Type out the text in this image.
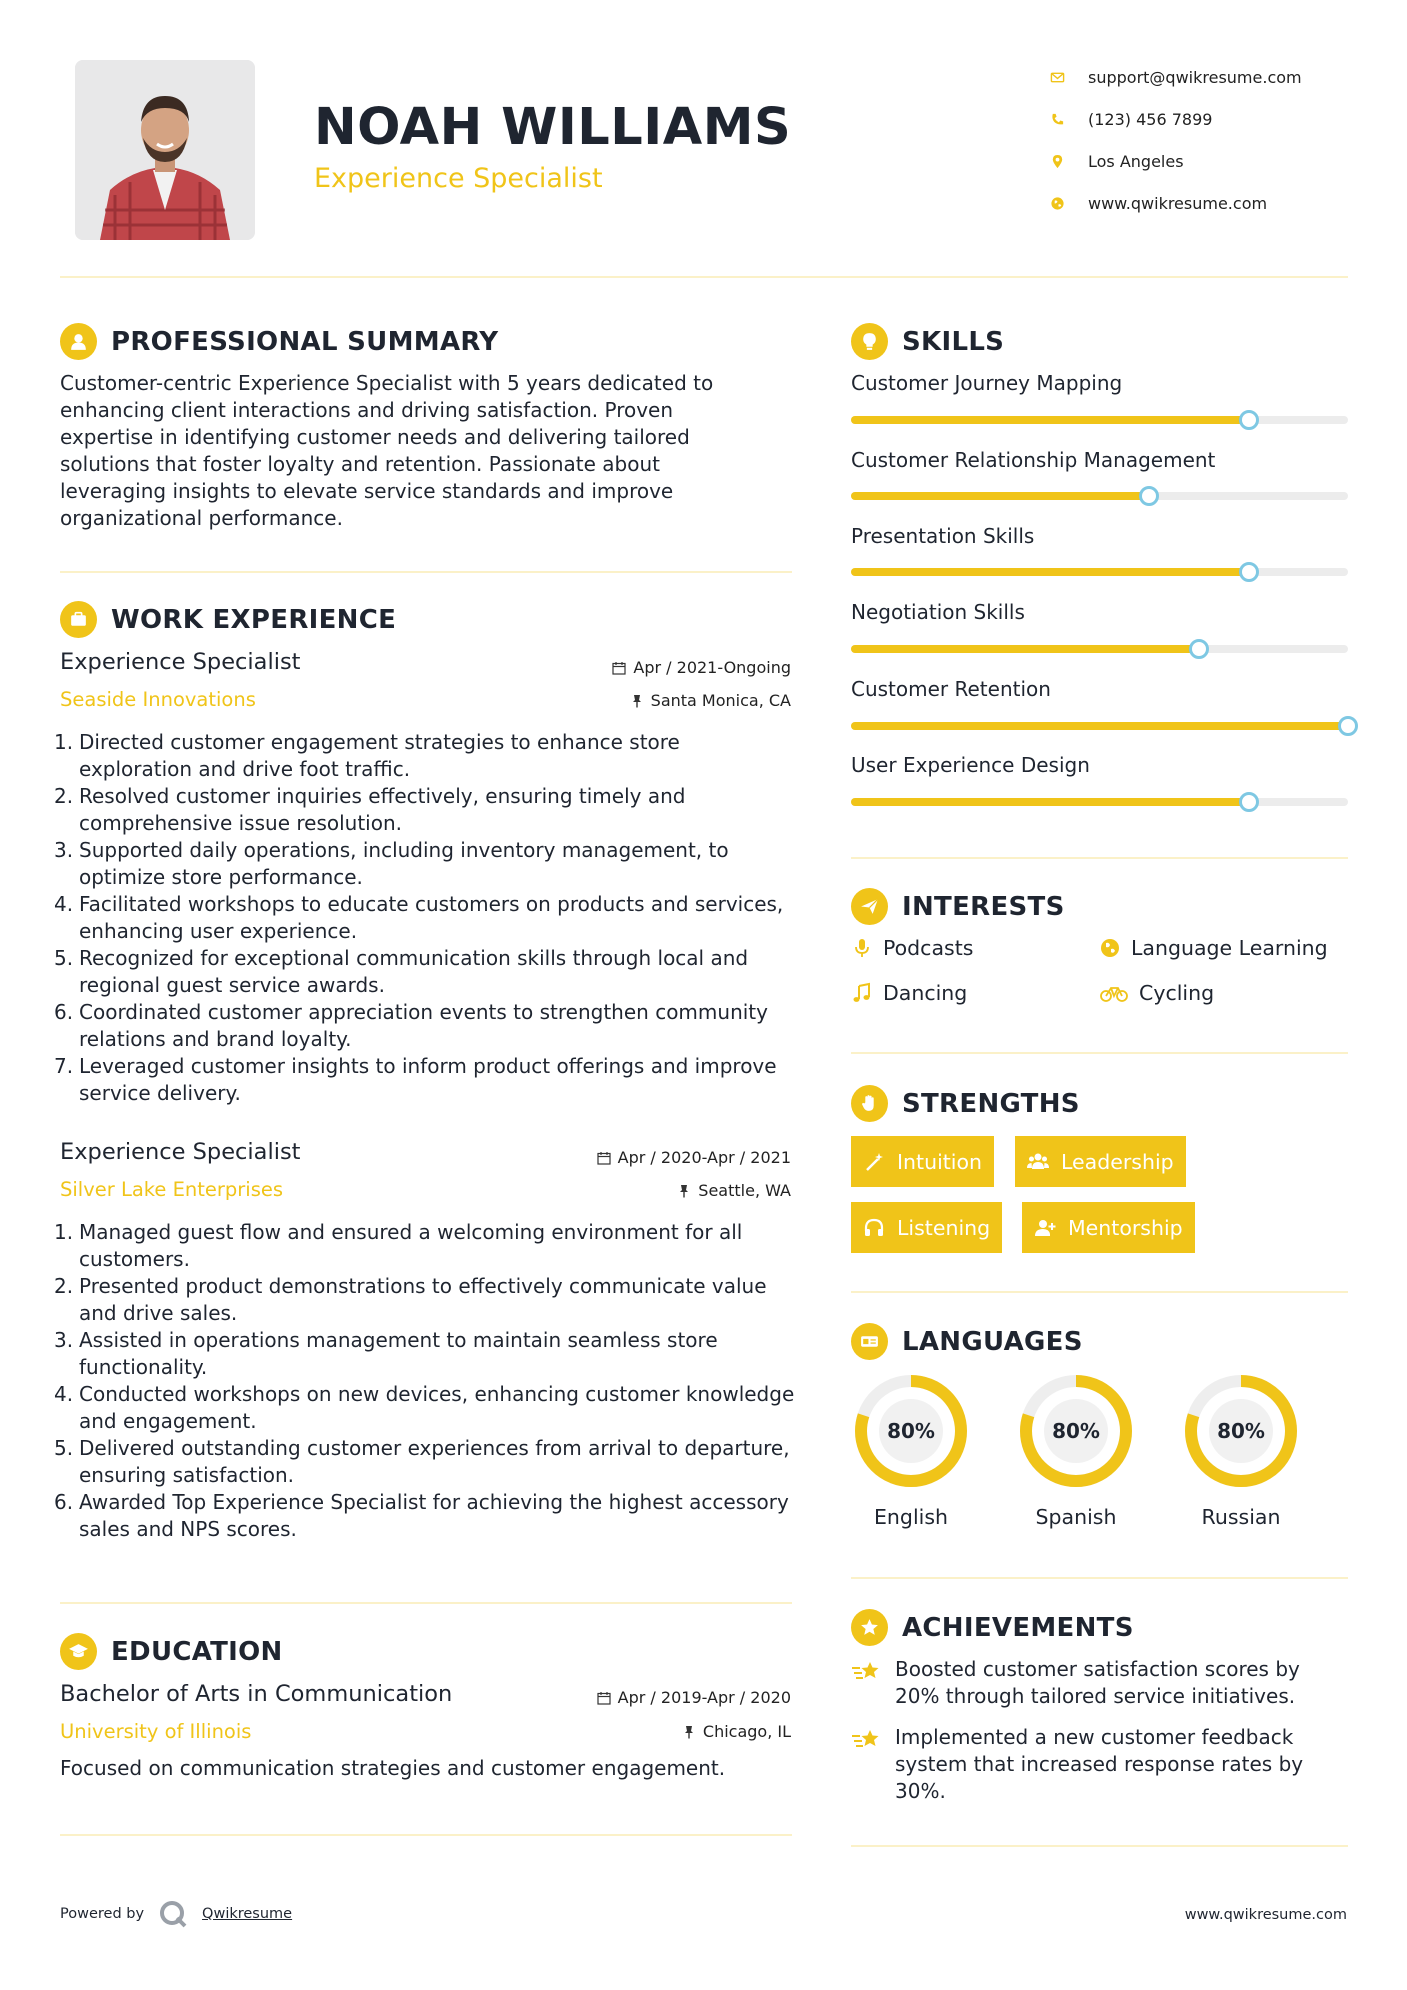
NOAH WILLIAMS
Experience Specialist
support@qwikresume.com
(123) 456 7899
Los Angeles
www.qwikresume.com
PROFESSIONAL SUMMARY
Customer-centric Experience Specialist with 5 years dedicated to enhancing client interactions and driving satisfaction. Proven expertise in identifying customer needs and delivering tailored solutions that foster loyalty and retention. Passionate about leveraging insights to elevate service standards and improve organizational performance.
WORK EXPERIENCE
Experience Specialist	Apr / 2021-Ongoing
Seaside Innovations	Santa Monica, CA
1. Directed customer engagement strategies to enhance store exploration and drive foot traffic.
2. Resolved customer inquiries effectively, ensuring timely and comprehensive issue resolution.
3. Supported daily operations, including inventory management, to optimize store performance.
4. Facilitated workshops to educate customers on products and services, enhancing user experience.
5. Recognized for exceptional communication skills through local and regional guest service awards.
6. Coordinated customer appreciation events to strengthen community relations and brand loyalty.
7. Leveraged customer insights to inform product offerings and improve service delivery.
Experience Specialist	Apr / 2020-Apr / 2021
Silver Lake Enterprises	Seattle, WA
1. Managed guest flow and ensured a welcoming environment for all customers.
2. Presented product demonstrations to effectively communicate value and drive sales.
3. Assisted in operations management to maintain seamless store functionality.
4. Conducted workshops on new devices, enhancing customer knowledge and engagement.
5. Delivered outstanding customer experiences from arrival to departure, ensuring satisfaction.
6. Awarded Top Experience Specialist for achieving the highest accessory sales and NPS scores.
EDUCATION
Bachelor of Arts in Communication	Apr / 2019-Apr / 2020
University of Illinois	Chicago, IL
Focused on communication strategies and customer engagement.
SKILLS
Customer Journey Mapping
Customer Relationship Management
Presentation Skills
Negotiation Skills
Customer Retention
User Experience Design
INTERESTS
Podcasts	Language Learning
Dancing	Cycling
STRENGTHS
Intuition	Leadership
Listening	Mentorship
LANGUAGES
80%
English
80%
Spanish
80%
Russian
ACHIEVEMENTS
Boosted customer satisfaction scores by 20% through tailored service initiatives.
Implemented a new customer feedback system that increased response rates by 30%.
Powered by	Qwikresume	www.qwikresume.com
